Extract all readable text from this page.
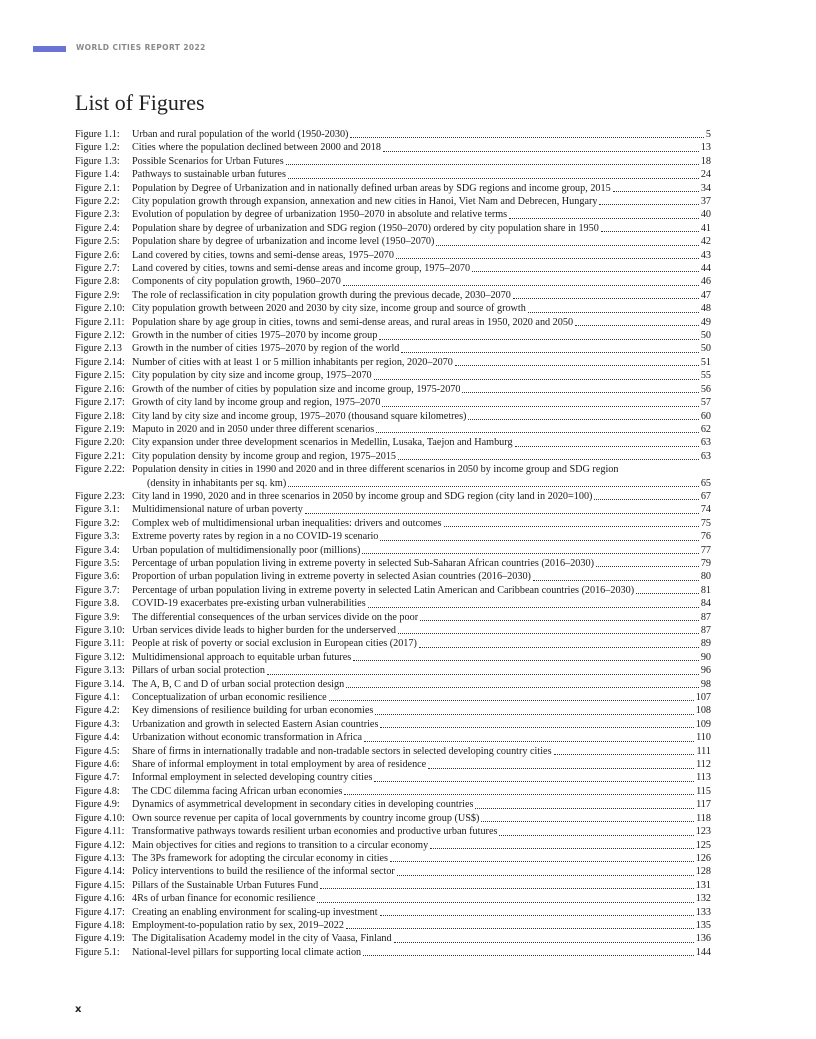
WORLD CITIES REPORT 2022
List of Figures
Figure 1.1:	Urban and rural population of the world (1950-2030)	5
Figure 1.2:	Cities where the population declined between 2000 and 2018	13
Figure 1.3:	Possible Scenarios for Urban Futures	18
Figure 1.4:	Pathways to sustainable urban futures	24
Figure 2.1:	Population by Degree of Urbanization and in nationally defined urban areas by SDG regions and income group, 2015	34
Figure 2.2:	City population growth through expansion, annexation and new cities in Hanoi, Viet Nam and Debrecen, Hungary	37
Figure 2.3:	Evolution of population by degree of urbanization 1950–2070 in absolute and relative terms	40
Figure 2.4:	Population share by degree of urbanization and SDG region (1950–2070) ordered by city population share in 1950	41
Figure 2.5:	Population share by degree of urbanization and income level (1950–2070)	42
Figure 2.6:	Land covered by cities, towns and semi-dense areas, 1975–2070	43
Figure 2.7:	Land covered by cities, towns and semi-dense areas and income group, 1975–2070	44
Figure 2.8:	Components of city population growth, 1960–2070	46
Figure 2.9:	The role of reclassification in city population growth during the previous decade, 2030–2070	47
Figure 2.10: City population growth between 2020 and 2030 by city size, income group and source of growth	48
Figure 2.11: Population share by age group in cities, towns and semi-dense areas, and rural areas in 1950, 2020 and 2050	49
Figure 2.12: Growth in the number of cities 1975–2070 by income group	50
Figure 2.13 Growth in the number of cities 1975–2070 by region of the world	50
Figure 2.14: Number of cities with at least 1 or 5 million inhabitants per region, 2020–2070	51
Figure 2.15: City population by city size and income group, 1975–2070	55
Figure 2.16: Growth of the number of cities by population size and income group, 1975-2070	56
Figure 2.17: Growth of city land by income group and region, 1975–2070	57
Figure 2.18: City land by city size and income group, 1975–2070 (thousand square kilometres)	60
Figure 2.19: Maputo in 2020 and in 2050 under three different scenarios	62
Figure 2.20: City expansion under three development scenarios in Medellin, Lusaka, Taejon and Hamburg	63
Figure 2.21: City population density by income group and region, 1975–2015	63
Figure 2.22: Population density in cities in 1990 and 2020 and in three different scenarios in 2050 by income group and SDG region
(density in inhabitants per sq. km)	65
Figure 2.23: City land in 1990, 2020 and in three scenarios in 2050 by income group and SDG region (city land in 2020=100)	67
Figure 3.1:	Multidimensional nature of urban poverty	74
Figure 3.2:	Complex web of multidimensional urban inequalities: drivers and outcomes	75
Figure 3.3:	Extreme poverty rates by region in a no COVID-19 scenario	76
Figure 3.4:	Urban population of multidimensionally poor (millions)	77
Figure 3.5:	Percentage of urban population living in extreme poverty in selected Sub-Saharan African countries (2016–2030)	79
Figure 3.6:	Proportion of urban population living in extreme poverty in selected Asian countries (2016–2030)	80
Figure 3.7:	Percentage of urban population living in extreme poverty in selected Latin American and Caribbean countries (2016–2030)	81
Figure 3.8.	COVID-19 exacerbates pre-existing urban vulnerabilities	84
Figure 3.9:	The differential consequences of the urban services divide on the poor	87
Figure 3.10: Urban services divide leads to higher burden for the underserved	87
Figure 3.11: People at risk of poverty or social exclusion in European cities (2017)	89
Figure 3.12: Multidimensional approach to equitable urban futures	90
Figure 3.13: Pillars of urban social protection	96
Figure 3.14. The A, B, C and D of urban social protection design	98
Figure 4.1:	Conceptualization of urban economic resilience	107
Figure 4.2:	Key dimensions of resilience building for urban economies	108
Figure 4.3:	Urbanization and growth in selected Eastern Asian countries	109
Figure 4.4:	Urbanization without economic transformation in Africa	110
Figure 4.5:	Share of firms in internationally tradable and non-tradable sectors in selected developing country cities	111
Figure 4.6:	Share of informal employment in total employment by area of residence	112
Figure 4.7:	Informal employment in selected developing country cities	113
Figure 4.8:	The CDC dilemma facing African urban economies	115
Figure 4.9:	Dynamics of asymmetrical development in secondary cities in developing countries	117
Figure 4.10: Own source revenue per capita of local governments by country income group (US$)	118
Figure 4.11: Transformative pathways towards resilient urban economies and productive urban futures	123
Figure 4.12: Main objectives for cities and regions to transition to a circular economy	125
Figure 4.13: The 3Ps framework for adopting the circular economy in cities	126
Figure 4.14: Policy interventions to build the resilience of the informal sector	128
Figure 4.15: Pillars of the Sustainable Urban Futures Fund	131
Figure 4.16: 4Rs of urban finance for economic resilience	132
Figure 4.17: Creating an enabling environment for scaling-up investment	133
Figure 4.18: Employment-to-population ratio by sex, 2019–2022	135
Figure 4.19: The Digitalisation Academy model in the city of Vaasa, Finland	136
Figure 5.1:	National-level pillars for supporting local climate action	144
x
